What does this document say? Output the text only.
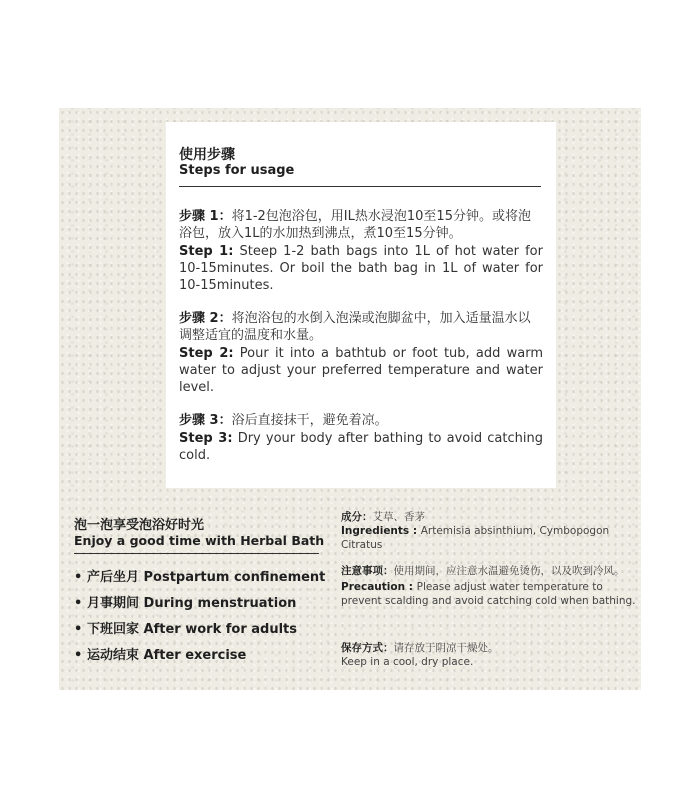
使用步骤
Steps for usage
步骤 1：将1-2包泡浴包，用IL热水浸泡10至15分钟。或将泡浴包，放入1L的水加热到沸点，煮10至15分钟。
Step 1: Steep 1-2 bath bags into 1L of hot water for 10-15minutes. Or boil the bath bag in 1L of water for 10-15minutes.
步骤 2：将泡浴包的水倒入泡澡或泡脚盆中，加入适量温水以调整适宜的温度和水量。
Step 2: Pour it into a bathtub or foot tub, add warm water to adjust your preferred temperature and water level.
步骤 3：浴后直接抹干，避免着凉。
Step 3: Dry your body after bathing to avoid catching cold.
泡一泡享受泡浴好时光
Enjoy a good time with Herbal Bath
• 产后坐月 Postpartum confinement
• 月事期间 During menstruation
• 下班回家 After work for adults
• 运动结束 After exercise
成分：艾草、香茅
Ingredients : Artemisia absinthium, Cymbopogon Citratus
注意事项：使用期间，应注意水温避免烫伤，以及吹到冷风。
Precaution : Please adjust water temperature to prevent scalding and avoid catching cold when bathing.
保存方式：请存放于阴凉干燥处。
Keep in a cool, dry place.
